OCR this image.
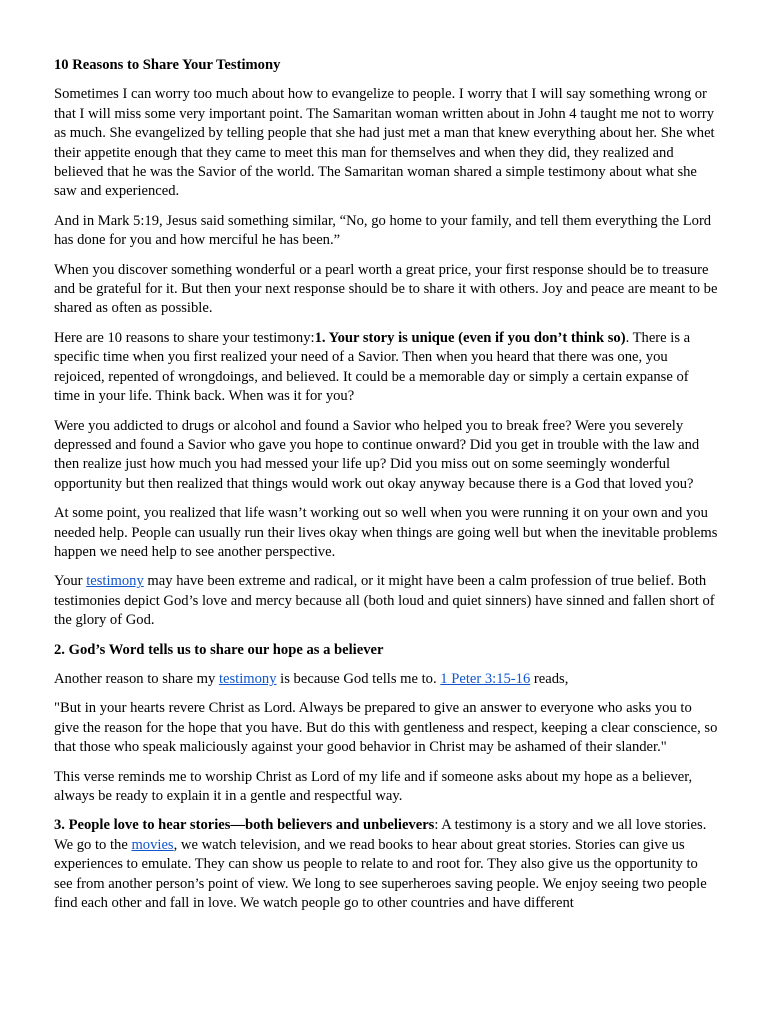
10 Reasons to Share Your Testimony

Sometimes I can worry too much about how to evangelize to people. I worry that I will say something wrong or that I will miss some very important point. The Samaritan woman written about in John 4 taught me not to worry as much. She evangelized by telling people that she had just met a man that knew everything about her. She whet their appetite enough that they came to meet this man for themselves and when they did, they realized and believed that he was the Savior of the world. The Samaritan woman shared a simple testimony about what she saw and experienced.

And in Mark 5:19, Jesus said something similar, “No, go home to your family, and tell them everything the Lord has done for you and how merciful he has been.”

When you discover something wonderful or a pearl worth a great price, your first response should be to treasure and be grateful for it. But then your next response should be to share it with others. Joy and peace are meant to be shared as often as possible.

Here are 10 reasons to share your testimony:1. Your story is unique (even if you don’t think so). There is a specific time when you first realized your need of a Savior. Then when you heard that there was one, you rejoiced, repented of wrongdoings, and believed. It could be a memorable day or simply a certain expanse of time in your life. Think back. When was it for you?

Were you addicted to drugs or alcohol and found a Savior who helped you to break free? Were you severely depressed and found a Savior who gave you hope to continue onward? Did you get in trouble with the law and then realize just how much you had messed your life up? Did you miss out on some seemingly wonderful opportunity but then realized that things would work out okay anyway because there is a God that loved you?

At some point, you realized that life wasn’t working out so well when you were running it on your own and you needed help. People can usually run their lives okay when things are going well but when the inevitable problems happen we need help to see another perspective.

Your testimony may have been extreme and radical, or it might have been a calm profession of true belief. Both testimonies depict God’s love and mercy because all (both loud and quiet sinners) have sinned and fallen short of the glory of God.

2. God’s Word tells us to share our hope as a believer

Another reason to share my testimony is because God tells me to. 1 Peter 3:15-16 reads,

"But in your hearts revere Christ as Lord. Always be prepared to give an answer to everyone who asks you to give the reason for the hope that you have. But do this with gentleness and respect, keeping a clear conscience, so that those who speak maliciously against your good behavior in Christ may be ashamed of their slander."

This verse reminds me to worship Christ as Lord of my life and if someone asks about my hope as a believer, always be ready to explain it in a gentle and respectful way.

3. People love to hear stories—both believers and unbelievers: A testimony is a story and we all love stories. We go to the movies, we watch television, and we read books to hear about great stories. Stories can give us experiences to emulate. They can show us people to relate to and root for. They also give us the opportunity to see from another person’s point of view. We long to see superheroes saving people. We enjoy seeing two people find each other and fall in love. We watch people go to other countries and have different
